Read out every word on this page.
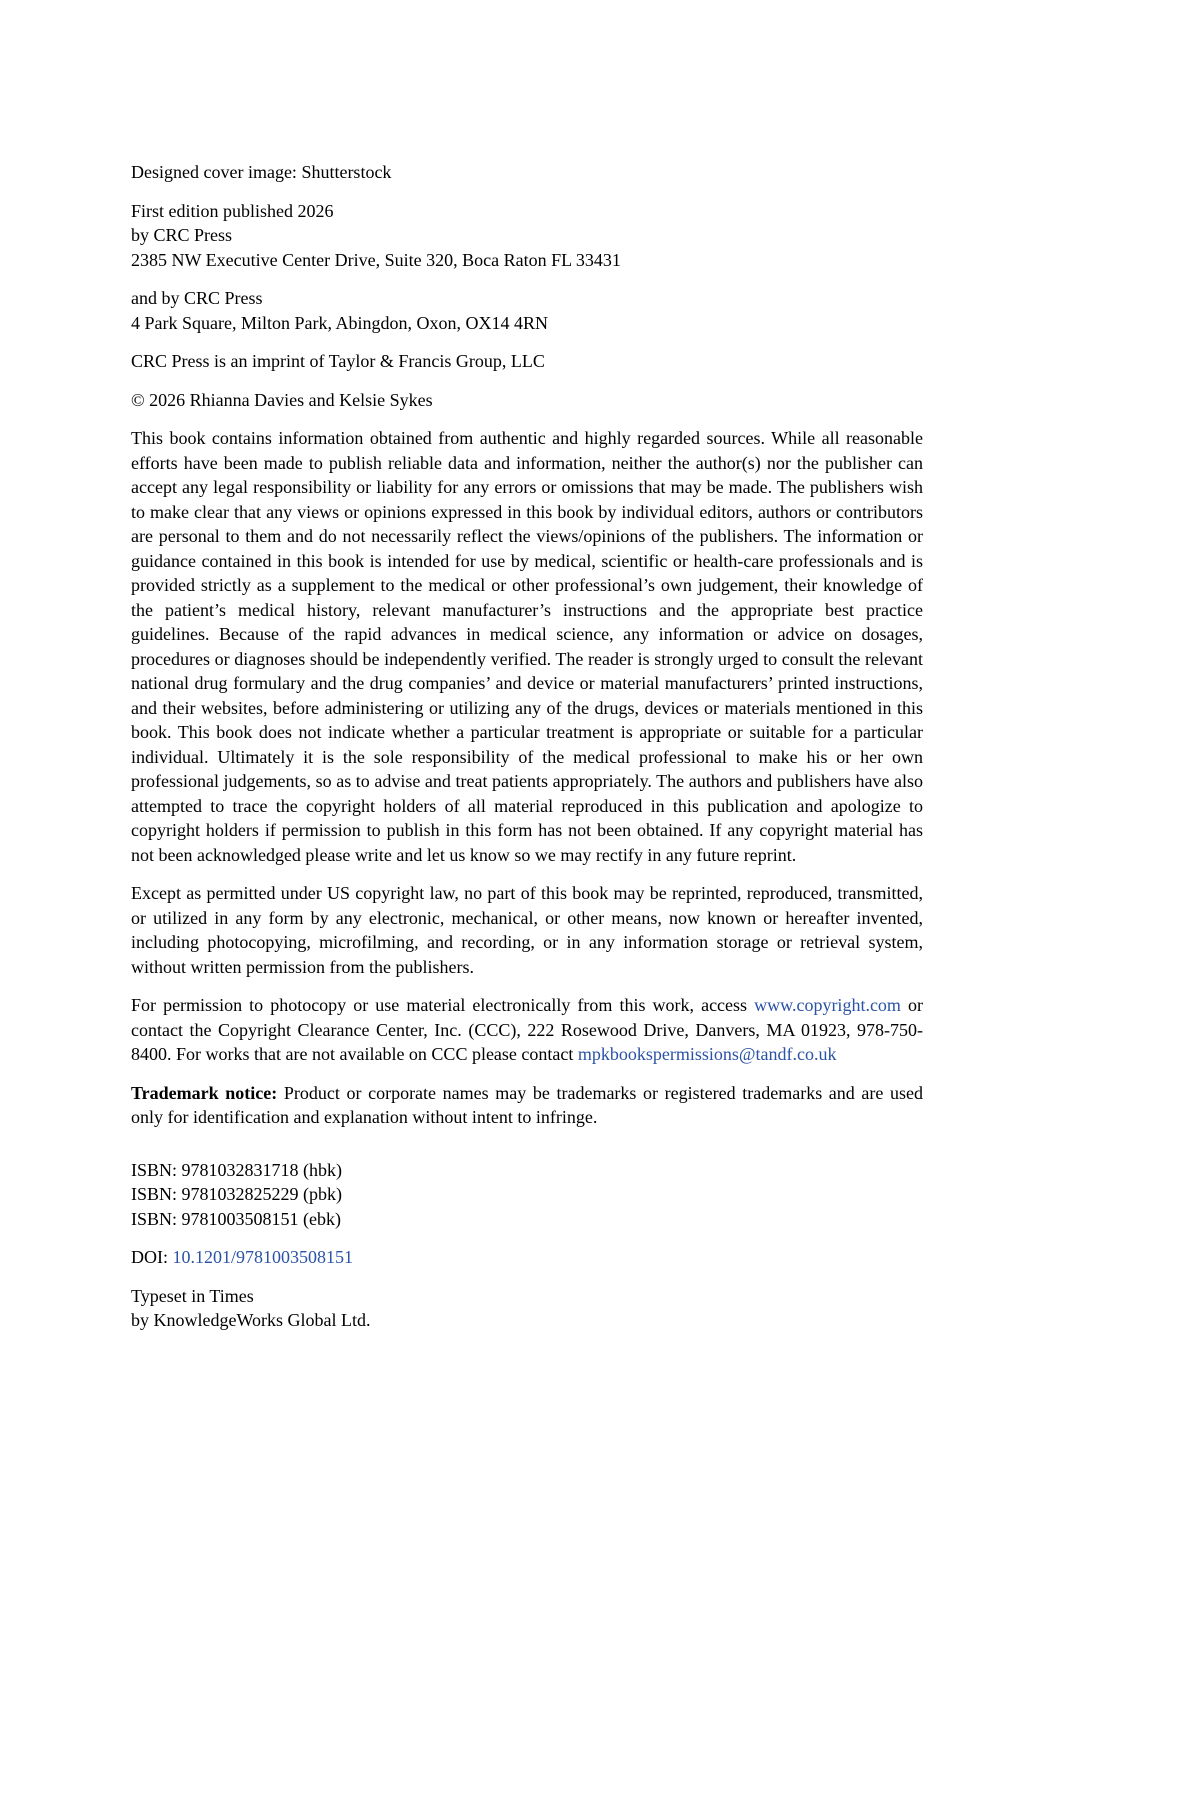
Designed cover image: Shutterstock

First edition published 2026
by CRC Press
2385 NW Executive Center Drive, Suite 320, Boca Raton FL 33431

and by CRC Press
4 Park Square, Milton Park, Abingdon, Oxon, OX14 4RN

CRC Press is an imprint of Taylor & Francis Group, LLC

© 2026 Rhianna Davies and Kelsie Sykes

This book contains information obtained from authentic and highly regarded sources. While all reasonable efforts have been made to publish reliable data and information, neither the author(s) nor the publisher can accept any legal responsibility or liability for any errors or omissions that may be made. The publishers wish to make clear that any views or opinions expressed in this book by individual editors, authors or contributors are personal to them and do not necessarily reflect the views/opinions of the publishers. The information or guidance contained in this book is intended for use by medical, scientific or health-care professionals and is provided strictly as a supplement to the medical or other professional’s own judgement, their knowledge of the patient’s medical history, relevant manufacturer’s instructions and the appropriate best practice guidelines. Because of the rapid advances in medical science, any information or advice on dosages, procedures or diagnoses should be independently verified. The reader is strongly urged to consult the relevant national drug formulary and the drug companies’ and device or material manufacturers’ printed instructions, and their websites, before administering or utilizing any of the drugs, devices or materials mentioned in this book. This book does not indicate whether a particular treatment is appropriate or suitable for a particular individual. Ultimately it is the sole responsibility of the medical professional to make his or her own professional judgements, so as to advise and treat patients appropriately. The authors and publishers have also attempted to trace the copyright holders of all material reproduced in this publication and apologize to copyright holders if permission to publish in this form has not been obtained. If any copyright material has not been acknowledged please write and let us know so we may rectify in any future reprint.

Except as permitted under US copyright law, no part of this book may be reprinted, reproduced, transmitted, or utilized in any form by any electronic, mechanical, or other means, now known or hereafter invented, including photocopying, microfilming, and recording, or in any information storage or retrieval system, without written permission from the publishers.

For permission to photocopy or use material electronically from this work, access www.copyright.com or contact the Copyright Clearance Center, Inc. (CCC), 222 Rosewood Drive, Danvers, MA 01923, 978-750-8400. For works that are not available on CCC please contact mpkbookspermissions@tandf.co.uk

Trademark notice: Product or corporate names may be trademarks or registered trademarks and are used only for identification and explanation without intent to infringe.

ISBN: 9781032831718 (hbk)
ISBN: 9781032825229 (pbk)
ISBN: 9781003508151 (ebk)

DOI: 10.1201/9781003508151

Typeset in Times
by KnowledgeWorks Global Ltd.
